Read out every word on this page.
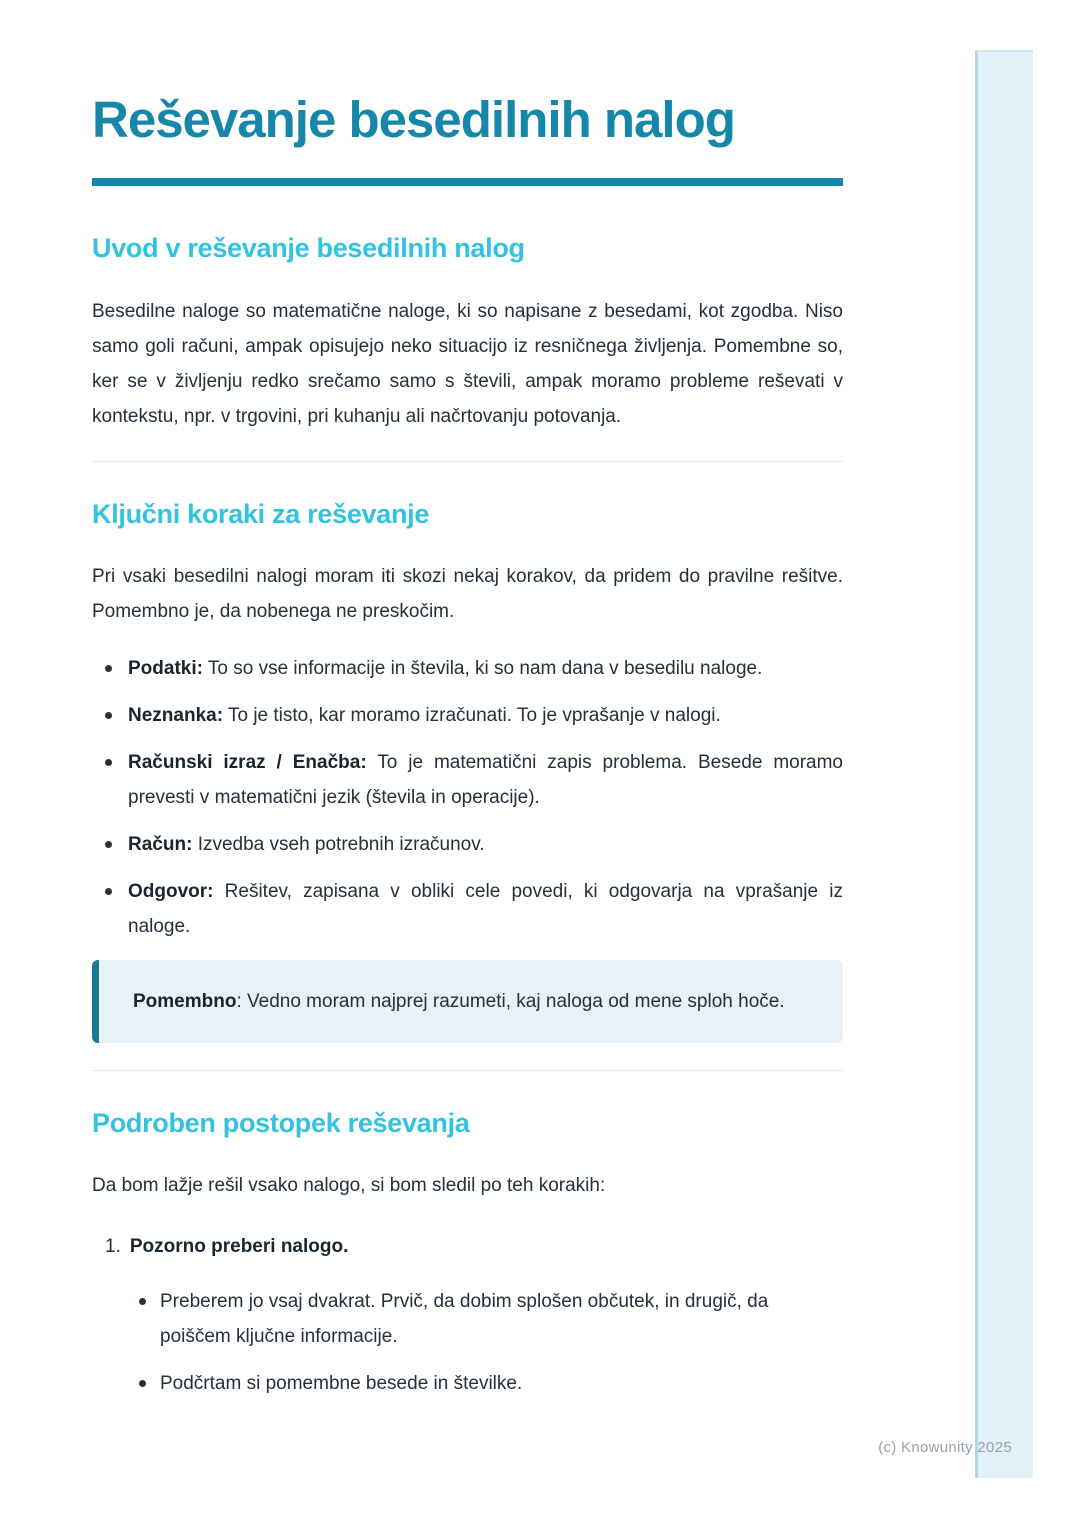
(c) Knowunity 2025
Reševanje besedilnih nalog
Uvod v reševanje besedilnih nalog

Besedilne naloge so matematične naloge, ki so napisane z besedami, kot zgodba. Niso samo goli računi, ampak opisujejo neko situacijo iz resničnega življenja. Pomembne so, ker se v življenju redko srečamo samo s števili, ampak moramo probleme reševati v kontekstu, npr. v trgovini, pri kuhanju ali načrtovanju potovanja.

Ključni koraki za reševanje

Pri vsaki besedilni nalogi moram iti skozi nekaj korakov, da pridem do pravilne rešitve. Pomembno je, da nobenega ne preskočim.

Podatki: To so vse informacije in števila, ki so nam dana v besedilu naloge.
Neznanka: To je tisto, kar moramo izračunati. To je vprašanje v nalogi.
Računski izraz / Enačba: To je matematični zapis problema. Besede moramo prevesti v matematični jezik (števila in operacije).
Račun: Izvedba vseh potrebnih izračunov.
Odgovor: Rešitev, zapisana v obliki cele povedi, ki odgovarja na vprašanje iz naloge.

Pomembno: Vedno moram najprej razumeti, kaj naloga od mene sploh hoče.

Podroben postopek reševanja

Da bom lažje rešil vsako nalogo, si bom sledil po teh korakih:

1. Pozorno preberi nalogo.
Preberem jo vsaj dvakrat. Prvič, da dobim splošen občutek, in drugič, da poiščem ključne informacije.
Podčrtam si pomembne besede in številke.
